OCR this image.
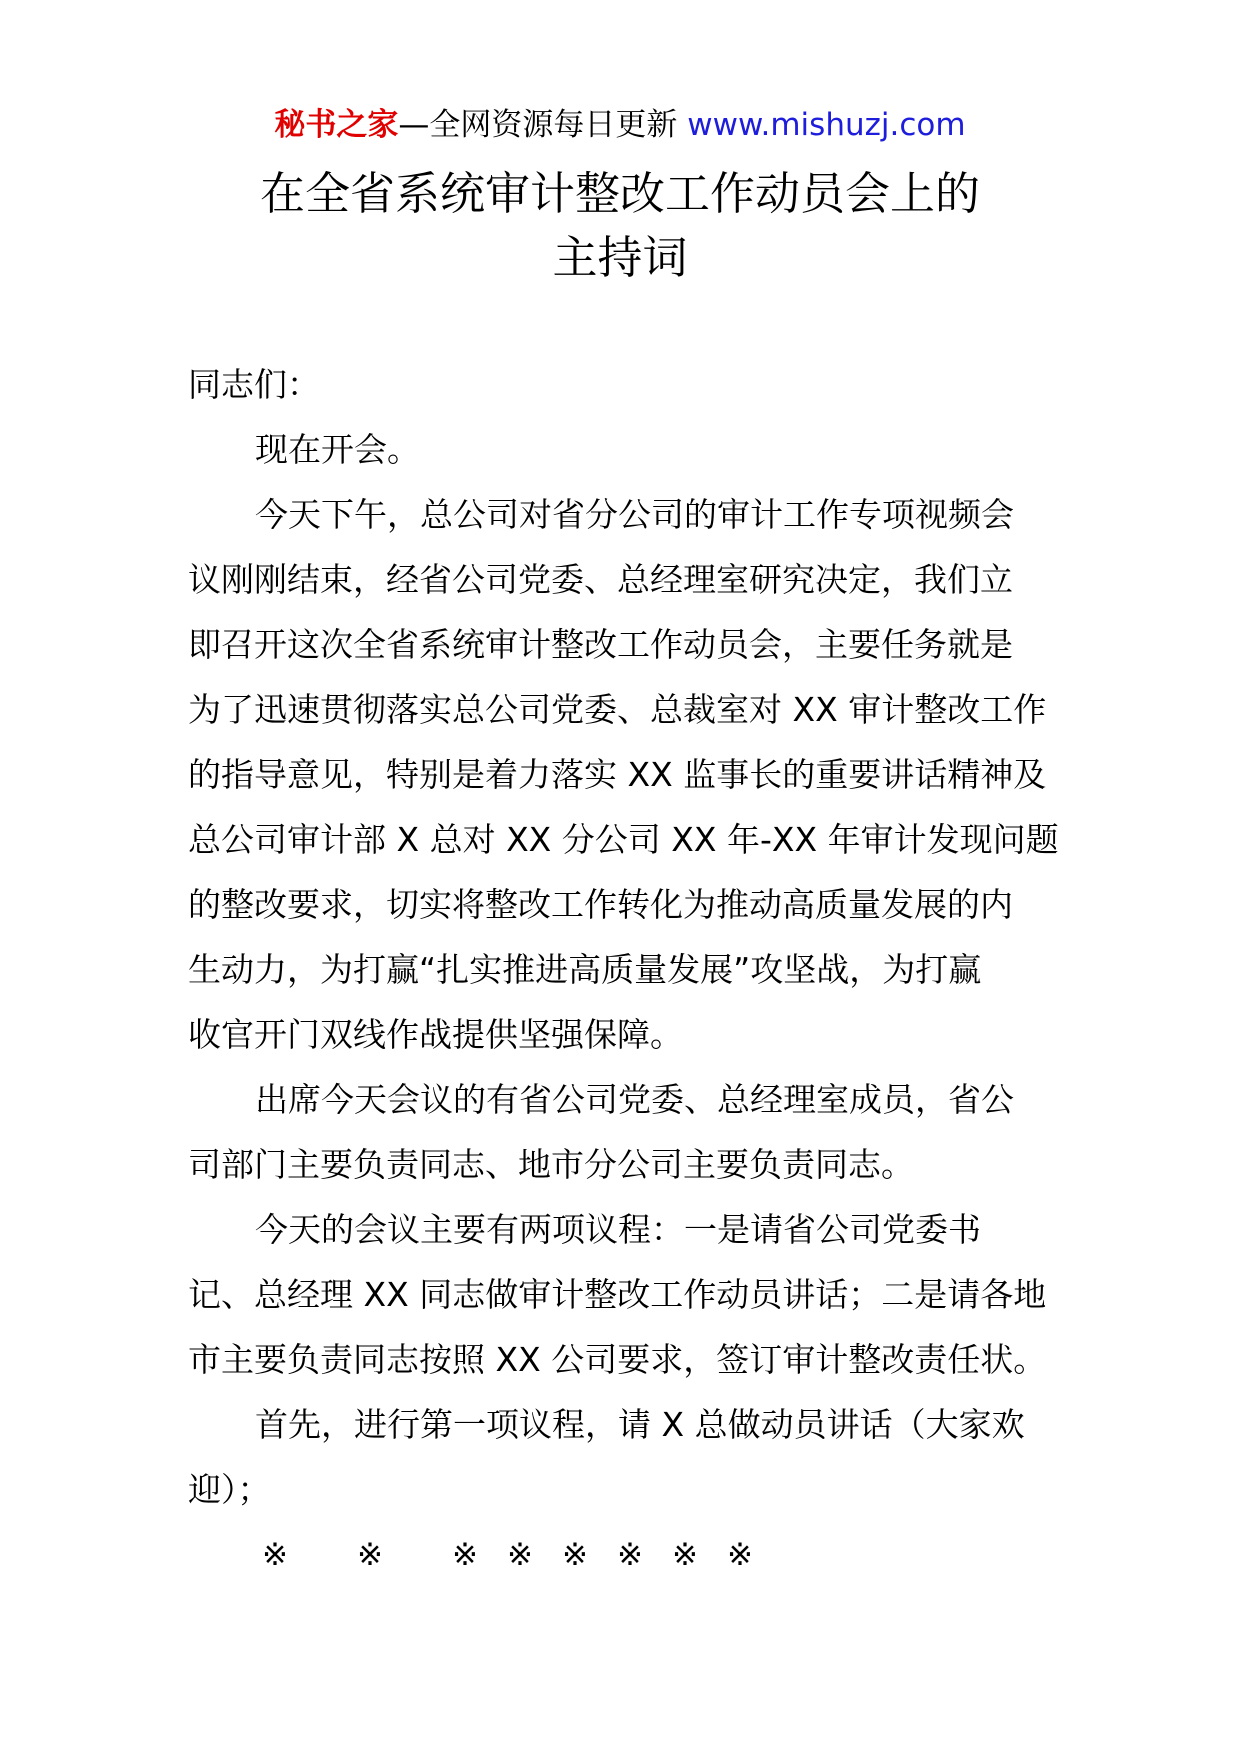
秘书之家—全网资源每日更新 www.mishuzj.com
在全省系统审计整改工作动员会上的
主持词
同志们：
现在开会。
今天下午，总公司对省分公司的审计工作专项视频会
议刚刚结束，经省公司党委、总经理室研究决定，我们立
即召开这次全省系统审计整改工作动员会，主要任务就是
为了迅速贯彻落实总公司党委、总裁室对 XX 审计整改工作
的指导意见，特别是着力落实 XX 监事长的重要讲话精神及
总公司审计部 X 总对 XX 分公司 XX 年-XX 年审计发现问题
的整改要求，切实将整改工作转化为推动高质量发展的内
生动力，为打赢“扎实推进高质量发展”攻坚战，为打赢
收官开门双线作战提供坚强保障。
出席今天会议的有省公司党委、总经理室成员，省公
司部门主要负责同志、地市分公司主要负责同志。
今天的会议主要有两项议程：一是请省公司党委书
记、总经理 XX 同志做审计整改工作动员讲话；二是请各地
市主要负责同志按照 XX 公司要求，签订审计整改责任状。
首先，进行第一项议程，请 X 总做动员讲话（大家欢
迎）；
※ ※ ※ ※ ※ ※ ※ ※
